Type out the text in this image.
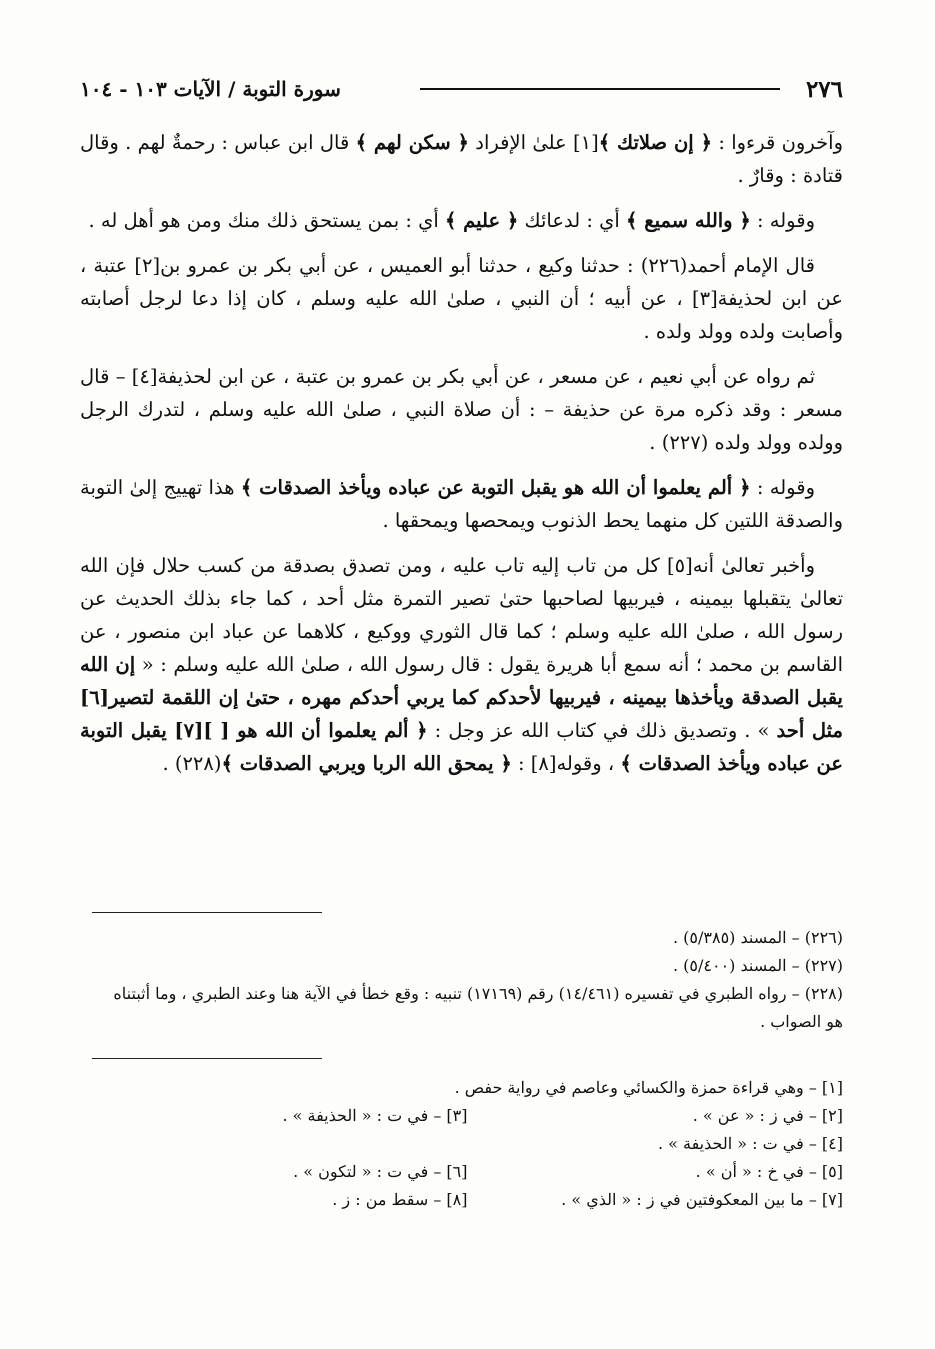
٢٧٦
سورة التوبة / الآيات ١٠٣ - ١٠٤

وآخرون قرءوا : ﴿ إن صلاتك ﴾[١] علىٰ الإفراد ﴿ سكن لهم ﴾ قال ابن عباس : رحمةٌ لهم . وقال قتادة : وقارٌ .

وقوله : ﴿ والله سميع ﴾ أي : لدعائك ﴿ عليم ﴾ أي : بمن يستحق ذلك منك ومن هو أهل له .

قال الإمام أحمد(٢٢٦) : حدثنا وكيع ، حدثنا أبو العميس ، عن أبي بكر بن عمرو بن[٢] عتبة ، عن ابن لحذيفة[٣] ، عن أبيه ؛ أن النبي ، صلىٰ الله عليه وسلم ، كان إذا دعا لرجل أصابته وأصابت ولده وولد ولده .

ثم رواه عن أبي نعيم ، عن مسعر ، عن أبي بكر بن عمرو بن عتبة ، عن ابن لحذيفة[٤] – قال مسعر : وقد ذكره مرة عن حذيفة – : أن صلاة النبي ، صلىٰ الله عليه وسلم ، لتدرك الرجل وولده وولد ولده (٢٢٧) .

وقوله : ﴿ ألم يعلموا أن الله هو يقبل التوبة عن عباده ويأخذ الصدقات ﴾ هذا تهييج إلىٰ التوبة والصدقة اللتين كل منهما يحط الذنوب ويمحصها ويمحقها .

وأخبر تعالىٰ أنه[٥] كل من تاب إليه تاب عليه ، ومن تصدق بصدقة من كسب حلال فإن الله تعالىٰ يتقبلها بيمينه ، فيربيها لصاحبها حتىٰ تصير التمرة مثل أحد ، كما جاء بذلك الحديث عن رسول الله ، صلىٰ الله عليه وسلم ؛ كما قال الثوري ووكيع ، كلاهما عن عباد ابن منصور ، عن القاسم بن محمد ؛ أنه سمع أبا هريرة يقول : قال رسول الله ، صلىٰ الله عليه وسلم : « إن الله يقبل الصدقة ويأخذها بيمينه ، فيربيها لأحدكم كما يربي أحدكم مهره ، حتىٰ إن اللقمة لتصير[٦] مثل أحد » . وتصديق ذلك في كتاب الله عز وجل : ﴿ ألم يعلموا أن الله هو [ ][٧] يقبل التوبة عن عباده ويأخذ الصدقات ﴾ ، وقوله[٨] : ﴿ يمحق الله الربا ويربي الصدقات ﴾(٢٢٨) .

(٢٢٦) – المسند (٥/٣٨٥) .
(٢٢٧) – المسند (٥/٤٠٠) .
(٢٢٨) – رواه الطبري في تفسيره (١٤/٤٦١) رقم (١٧١٦٩) تنبيه : وقع خطأ في الآية هنا وعند الطبري ، وما أثبتناه هو الصواب .
[١] – وهي قراءة حمزة والكسائي وعاصم في رواية حفص .
[٢] – في ز : « عن » .
[٣] – في ت : « الحذيفة » .
[٤] – في ت : « الحذيفة » .
[٥] – في خ : « أن » .
[٦] – في ت : « لتكون » .
[٧] – ما بين المعكوفتين في ز : « الذي » .
[٨] – سقط من : ز .
